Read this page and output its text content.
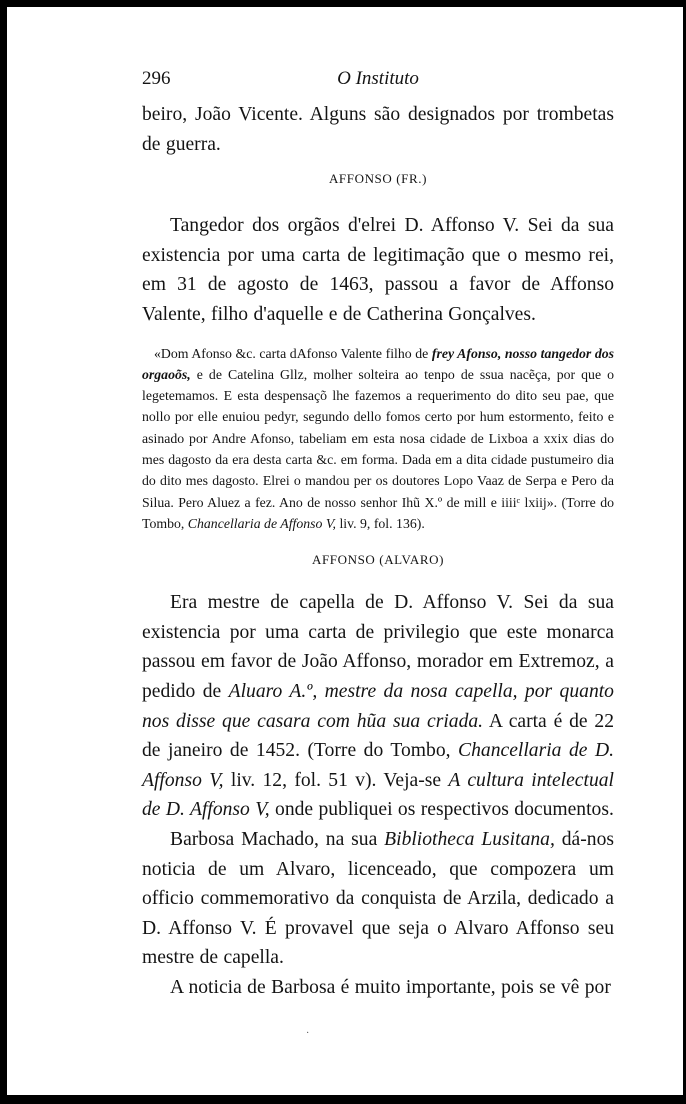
296	O Instituto

beiro, João Vicente. Alguns são designados por trombetas de guerra.

AFFONSO (FR.)

Tangedor dos orgãos d'elrei D. Affonso V. Sei da sua existencia por uma carta de legitimação que o mesmo rei, em 31 de agosto de 1463, passou a favor de Affonso Valente, filho d'aquelle e de Catherina Gonçalves.

«Dom Afonso &c. carta dAfonso Valente filho de frey Afonso, nosso tangedor dos orgaoõs, e de Catelina Gllz, molher solteira ao tenpo de ssua nacẽça, por que o legetemamos. E esta despensaçõ lhe fazemos a requerimento do dito seu pae, que nollo por elle enuiou pedyr, segundo dello fomos certo por hum estormento, feito e asinado por Andre Afonso, tabeliam em esta nosa cidade de Lixboa a xxix dias do mes dagosto da era desta carta &c. em forma. Dada em a dita cidade pustumeiro dia do dito mes dagosto. Elrei o mandou per os doutores Lopo Vaaz de Serpa e Pero da Silua. Pero Aluez a fez. Ano de nosso senhor Ihũ X.º de mill e iiiiᶜ lxiij». (Torre do Tombo, Chancellaria de Affonso V, liv. 9, fol. 136).

AFFONSO (ALVARO)

Era mestre de capella de D. Affonso V. Sei da sua existencia por uma carta de privilegio que este monarca passou em favor de João Affonso, morador em Extremoz, a pedido de Aluaro A.º, mestre da nosa capella, por quanto nos disse que casara com hũa sua criada. A carta é de 22 de janeiro de 1452. (Torre do Tombo, Chancellaria de D. Affonso V, liv. 12, fol. 51 v). Veja-se A cultura intelectual de D. Affonso V, onde publiquei os respectivos documentos.

Barbosa Machado, na sua Bibliotheca Lusitana, dá-nos noticia de um Alvaro, licenceado, que compozera um officio commemorativo da conquista de Arzila, dedicado a D. Affonso V. É provavel que seja o Alvaro Affonso seu mestre de capella.

A noticia de Barbosa é muito importante, pois se vê por

·
